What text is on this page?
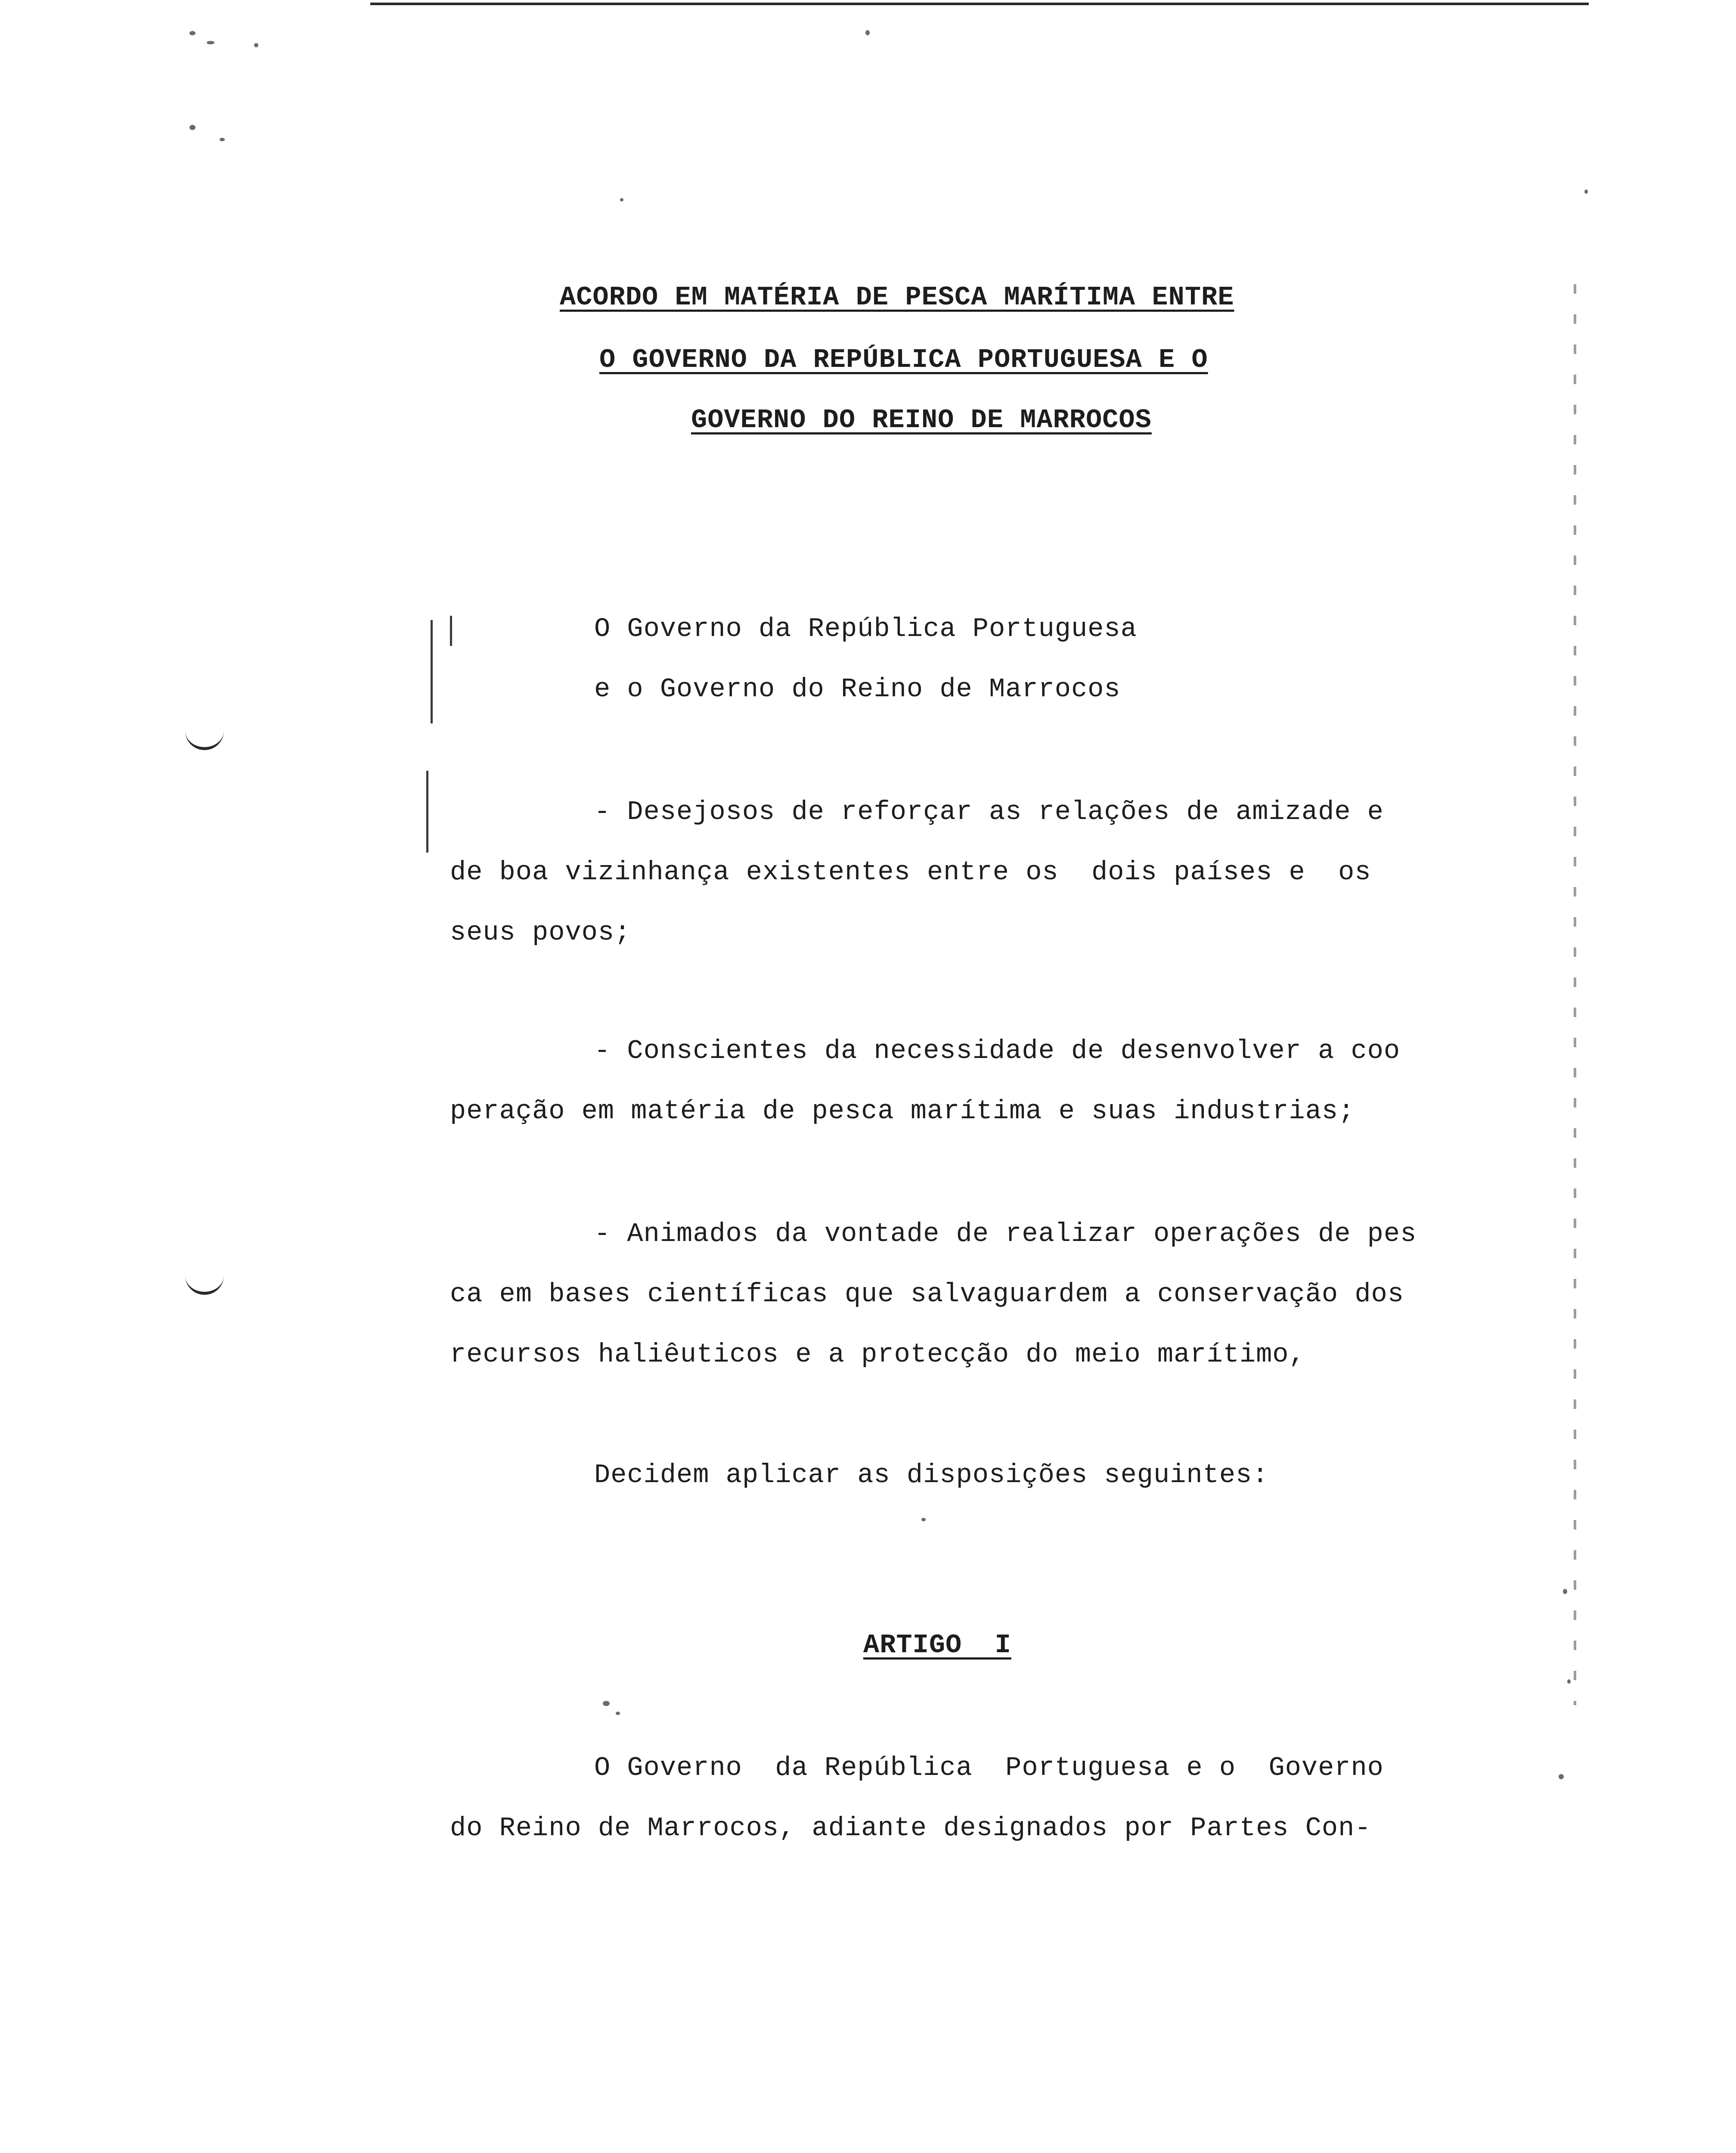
ACORDO EM MATÉRIA DE PESCA MARÍTIMA ENTRE
O GOVERNO DA REPÚBLICA PORTUGUESA E O
GOVERNO DO REINO DE MARROCOS

O Governo da República Portuguesa

e o Governo do Reino de Marrocos

- Desejosos de reforçar as relações de amizade e

de boa vizinhança existentes entre os  dois países e  os

seus povos;

- Conscientes da necessidade de desenvolver a coo

peração em matéria de pesca marítima e suas industrias;

- Animados da vontade de realizar operações de pes

ca em bases científicas que salvaguardem a conservação dos

recursos haliêuticos e a protecção do meio marítimo,

Decidem aplicar as disposições seguintes:

ARTIGO  I

O Governo  da República  Portuguesa e o  Governo

do Reino de Marrocos, adiante designados por Partes Con-
